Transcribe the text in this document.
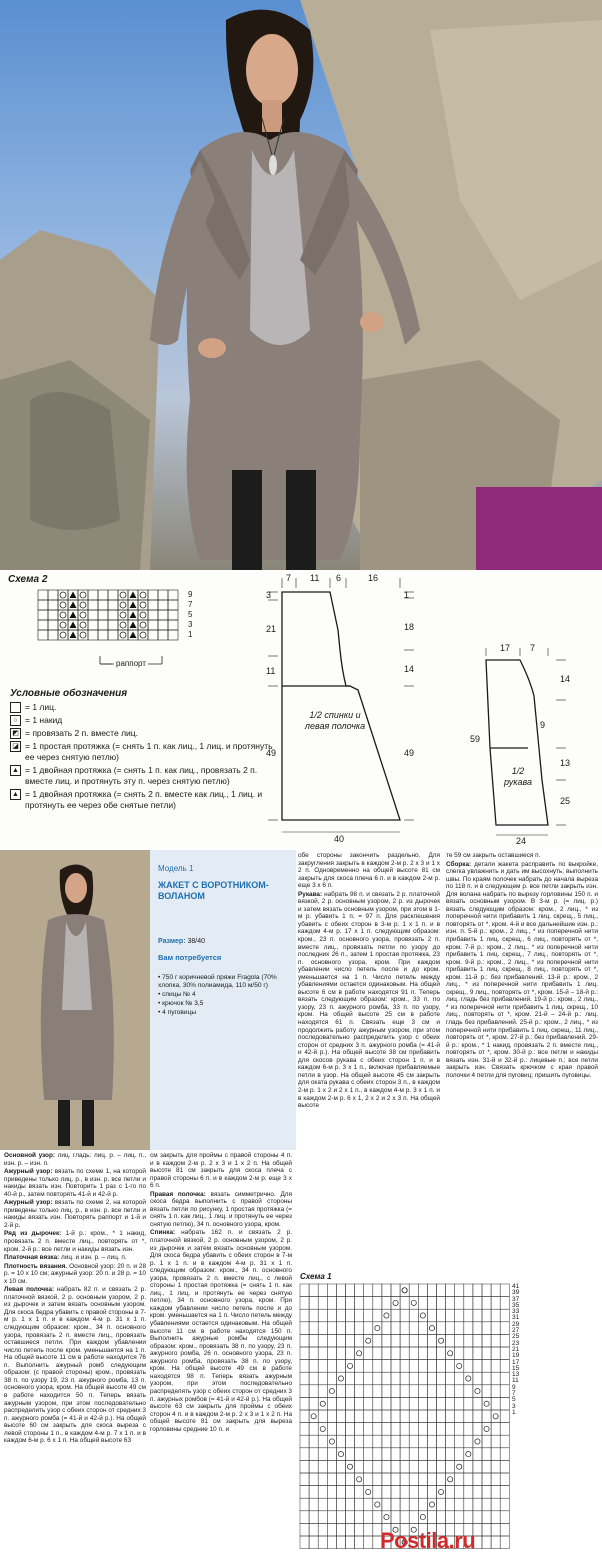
Схема 2
9
7
5
3
1
раппорт
Условные обозначения
= 1 лиц.
○ = 1 накид
◩ = провязать 2 п. вместе лиц.
◪ = 1 простая протяжка (= снять 1 п. как лиц., 1 лиц. и протянуть ее через снятую петлю)
▲ = 1 двойная протяжка (= снять 1 п. как лиц., провязать 2 п. вместе лиц. и протянуть эту п. через снятую петлю)
▲ = 1 двойная протяжка (= снять 2 п. вместе как лиц., 1 лиц. и протянуть ее через обе снятые петли)
7 11 6	16
3
21
11
49
1
18
14
49
40
1/2 спинки и левая полочка
17 7
59
14
9
13
25
24
1/2 рукава
Модель 1
ЖАКЕТ С ВОРОТНИКОМ-ВОЛАНОМ
Размер: 38/40
Вам потребуется
• 750 г коричневой пряжи Fragola (70% хлопка, 30% полиамида, 110 м/50 г)
• спицы № 4
• крючок № 3,5
• 4 пуговицы

Основной узор: лиц. гладь: лиц. р. – лиц. п., изн. р. – изн. п.

Ажурный узор: вязать по схеме 1, на которой приведены только лиц. р., в изн. р. все петли и накиды вязать изн. Повторить 1 раз с 1-го по 40-й р., затем повторять 41-й и 42-й р.

Ажурный узор: вязать по схеме 2, на которой приведены только лиц. р., в изн. р. все петли и накиды вязать изн. Повторять раппорт и 1-й и 2-й р.

Ряд из дырочек: 1-й р.: кром., * 1 накид, провязать 2 п. вместе лиц., повторять от *, кром. 2-й р.: все петли и накиды вязать изн.

Платочная вязка: лиц. и изн. р. – лиц. п.

Плотность вязания. Основной узор: 20 п. и 28 р. = 10 х 10 см; ажурный узор: 20 п. и 28 р. = 10 х 10 см.

Левая полочка: набрать 82 п. и связать 2 р. платочной вязкой, 2 р. основным узором, 2 р. из дырочек и затем вязать основным узором. Для скоса бедра убавить с правой стороны в 7-м р. 1 х 1 п. и в каждом 4-м р. 31 х 1 п. следующим образом: кром., 34 п. основного узора, провязать 2 п. вместе лиц., провязать оставшиеся петли. При каждом убавлении число петель после кром. уменьшается на 1 п. На общей высоте 11 см в работе находится 76 п. Выполнить ажурный ромб следующим образом: (с правой стороны) кром., провязать 38 п. по узору 19, 23 п. ажурного ромба, 13 п. основного узора, кром. На общей высоте 49 см в работе находится 50 п. Теперь вязать ажурным узором, при этом последовательно распределить узор с обеих сторон от средних 3 п. ажурного ромба (= 41-й и 42-й р.). На общей высоте 60 см закрыть для скоса выреза с левой стороны 1 п., в каждом 4-м р. 7 х 1 п. и в каждом 6-м р. 6 х 1 п. На общей высоте 63

см закрыть для проймы с правой стороны 4 п. и в каждом 2-м р. 2 х 3 и 1 х 2 п. На общей высоте 81 см закрыть для скоса плеча с правой стороны 6 п. и в каждом 2-м р. еще 3 х 6 п.

Правая полочка: вязать симметрично. Для скоса бедра выполнить с правой стороны вязать петли по рисунку, 1 простая протяжка (= снять 1 п. как лиц., 1 лиц. и протянуть ее через снятую петлю), 34 п. основного узора, кром.

Спинка: набрать 162 п. и связать 2 р. платочной вязкой, 2 р. основным узором, 2 р. из дырочек и затем вязать основным узором. Для скоса бедра убавить с обеих сторон в 7-м р. 1 х 1 п. и в каждом 4-м р. 31 х 1 п. следующим образом: кром., 34 п. основного узора, провязать 2 п. вместе лиц., с левой стороны 1 простая протяжка (= снять 1 п. как лиц., 1 лиц. и протянуть ее через снятую петлю), 34 п. основного узора, кром. При каждом убавлении число петель после и до кром. уменьшается на 1 п. Число петель между убавлениями остается одинаковым. На общей высоте 11 см в работе находятся 150 п. Выполнить ажурные ромбы следующим образом: кром., провязать 38 п. по узору, 23 п. ажурного ромба, 26 п. основного узора, 23 п. ажурного ромба, провязать 38 п. по узору, кром. На общей высоте 49 см в работе находятся 98 п. Теперь вязать ажурным узором, при этом последовательно распределять узор с обеих сторон от средних 3 п. ажурных ромбов (= 41-й и 42-й р.). На общей высоте 63 см закрыть для проймы с обеих сторон 4 п. и в каждом 2-м р. 2 х 3 и 1 х 2 п. На общей высоте 81 см закрыть для выреза горловины средние 10 п. и

обе стороны закончить раздельно. Для закругления закрыть в каждом 2-м р. 2 х 3 и 1 х 2 п. Одновременно на общей высоте 81 см закрыть для скоса плеча 6 п. и в каждом 2-м р. еще 3 х 6 п.

Рукава: набрать 98 п. и связать 2 р. платочной вязкой, 2 р. основным узором, 2 р. из дырочек и затем вязать основным узором, при этом в 1-м р. убавить 1 п. = 97 п. Для расклешения убавить с обеих сторон в 3-м р. 1 х 1 п. и в каждом 4-м р. 17 х 1 п. следующим образом: кром., 23 п. основного узора, провязать 2 п. вместе лиц., провязать петли по узору до последних 26 п., затем 1 простая протяжка, 23 п. основного узора, кром. При каждом убавлении число петель после и до кром. уменьшается на 1 п. Число петель между убавлениями остается одинаковым. На общей высоте 6 см в работе находятся 91 п. Теперь вязать следующим образом: кром., 33 п. по узору, 23 п. ажурного ромба, 33 п. по узору, кром. На общей высоте 25 см в работе находятся 61 п. Связать еще 3 см и продолжить работу ажурным узором, при этом последовательно распределить узор с обеих сторон от средних 3 п. ажурного ромба (= 41-й и 42-й р.). На общей высоте 38 см прибавить для скосов рукава с обеих сторон 1 п. и в каждом 6-м р. 3 х 1 п., включая прибавляемые петли в узор. На общей высоте 45 см закрыть для оката рукава с обеих сторон 3 п., в каждом 2-м р. 1 х 2 и 2 х 1 п., в каждом 4-м р. 3 х 1 п. и в каждом 2-м р. 6 х 1, 2 х 2 и 2 х 3 п. На общей высоте

те 59 см закрыть оставшиеся п.

Сборка: детали жакета расправить по выкройке, слегка увлажнить и дать им высохнуть; выполнить швы. По краям полочек набрать до начала выреза по 118 п. и в следующем р. все петли закрыть изн. Для волана набрать по вырезу горловины 150 п. и вязать основным узором. В 3-м р. (= лиц. р.) вязать следующим образом: кром., 2 лиц., * из поперечной нити прибавить 1 лиц. скрещ., 5 лиц., повторять от *, кром. 4-й и все дальнейшие изн. р.: изн. п. 5-й р.: кром., 2 лиц., * из поперечной нити прибавить 1 лиц. скрещ., 6 лиц., повторять от *, кром. 7-й р.: кром., 2 лиц., * из поперечной нити прибавить 1 лиц. скрещ., 7 лиц., повторять от *, кром. 9-й р.: кром., 2 лиц., * из поперечной нити прибавить 1 лиц. скрещ., 8 лиц., повторять от *, кром. 11-й р.: без прибавлений. 13-й р.: кром., 2 лиц., * из поперечной нити прибавить 1 лиц. скрещ., 9 лиц., повторять от *, кром. 15-й – 18-й р.: лиц. гладь без прибавлений. 19-й р.: кром., 2 лиц., * из поперечной нити прибавить 1 лиц. скрещ., 10 лиц., повторять от *, кром. 21-й – 24-й р.: лиц. гладь без прибавлений. 25-й р.: кром., 2 лиц., * из поперечной нити прибавить 1 лиц. скрещ., 11 лиц., повторять от *, кром. 27-й р.: без прибавлений. 29-й р.: кром., * 1 накид, провязать 2 п. вместе лиц., повторять от *, кром. 30-й р.: все петли и накиды вязать изн. 31-й и 32-й р.: лицевые п.; все петли закрыть изн. Связать крючком с края правой полочки 4 петли для пуговиц; пришить пуговицы.

Схема 1
41
39
37
35
33
31
29
27
25
23
21
19
17
15
13
11
9
7
5
3
1
Postila.ru
